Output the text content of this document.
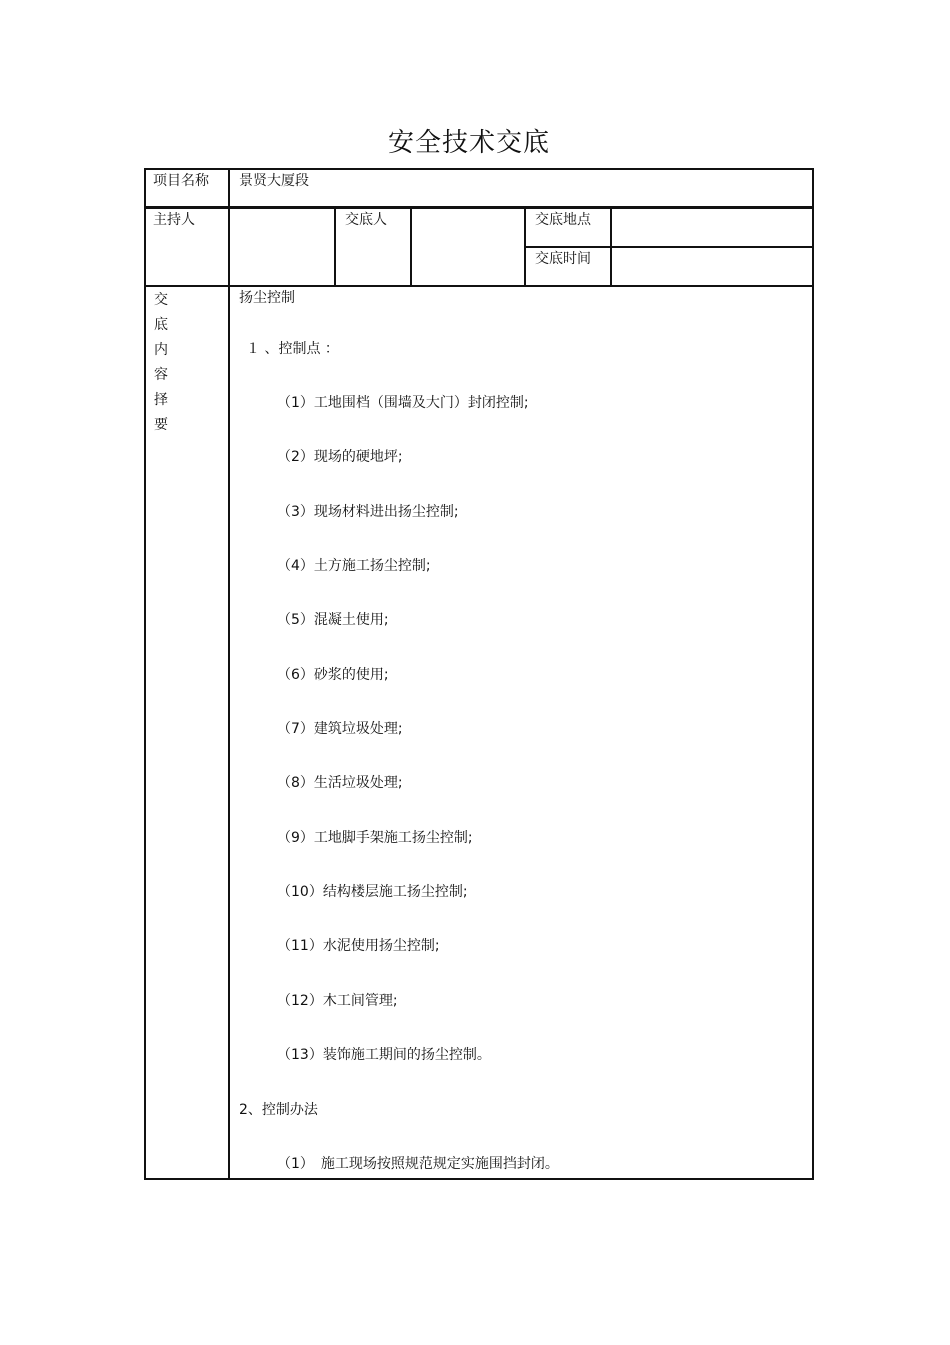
安全技术交底
项目名称 景贤大厦段
主持人	交底人	交底地点
交底时间
交
底
内
容
择
要
扬尘控制
１ 、控制点 ：
（1）工地围档（围墙及大门）封闭控制;
（2）现场的硬地坪;
（3）现场材料进出扬尘控制;
（4）土方施工扬尘控制;
（5）混凝土使用;
（6）砂浆的使用;
（7）建筑垃圾处理;
（8）生活垃圾处理;
（9）工地脚手架施工扬尘控制;
（10）结构楼层施工扬尘控制;
（11）水泥使用扬尘控制;
（12）木工间管理;
（13）装饰施工期间的扬尘控制。
2、控制办法
（1）　施工现场按照规范规定实施围挡封闭。
